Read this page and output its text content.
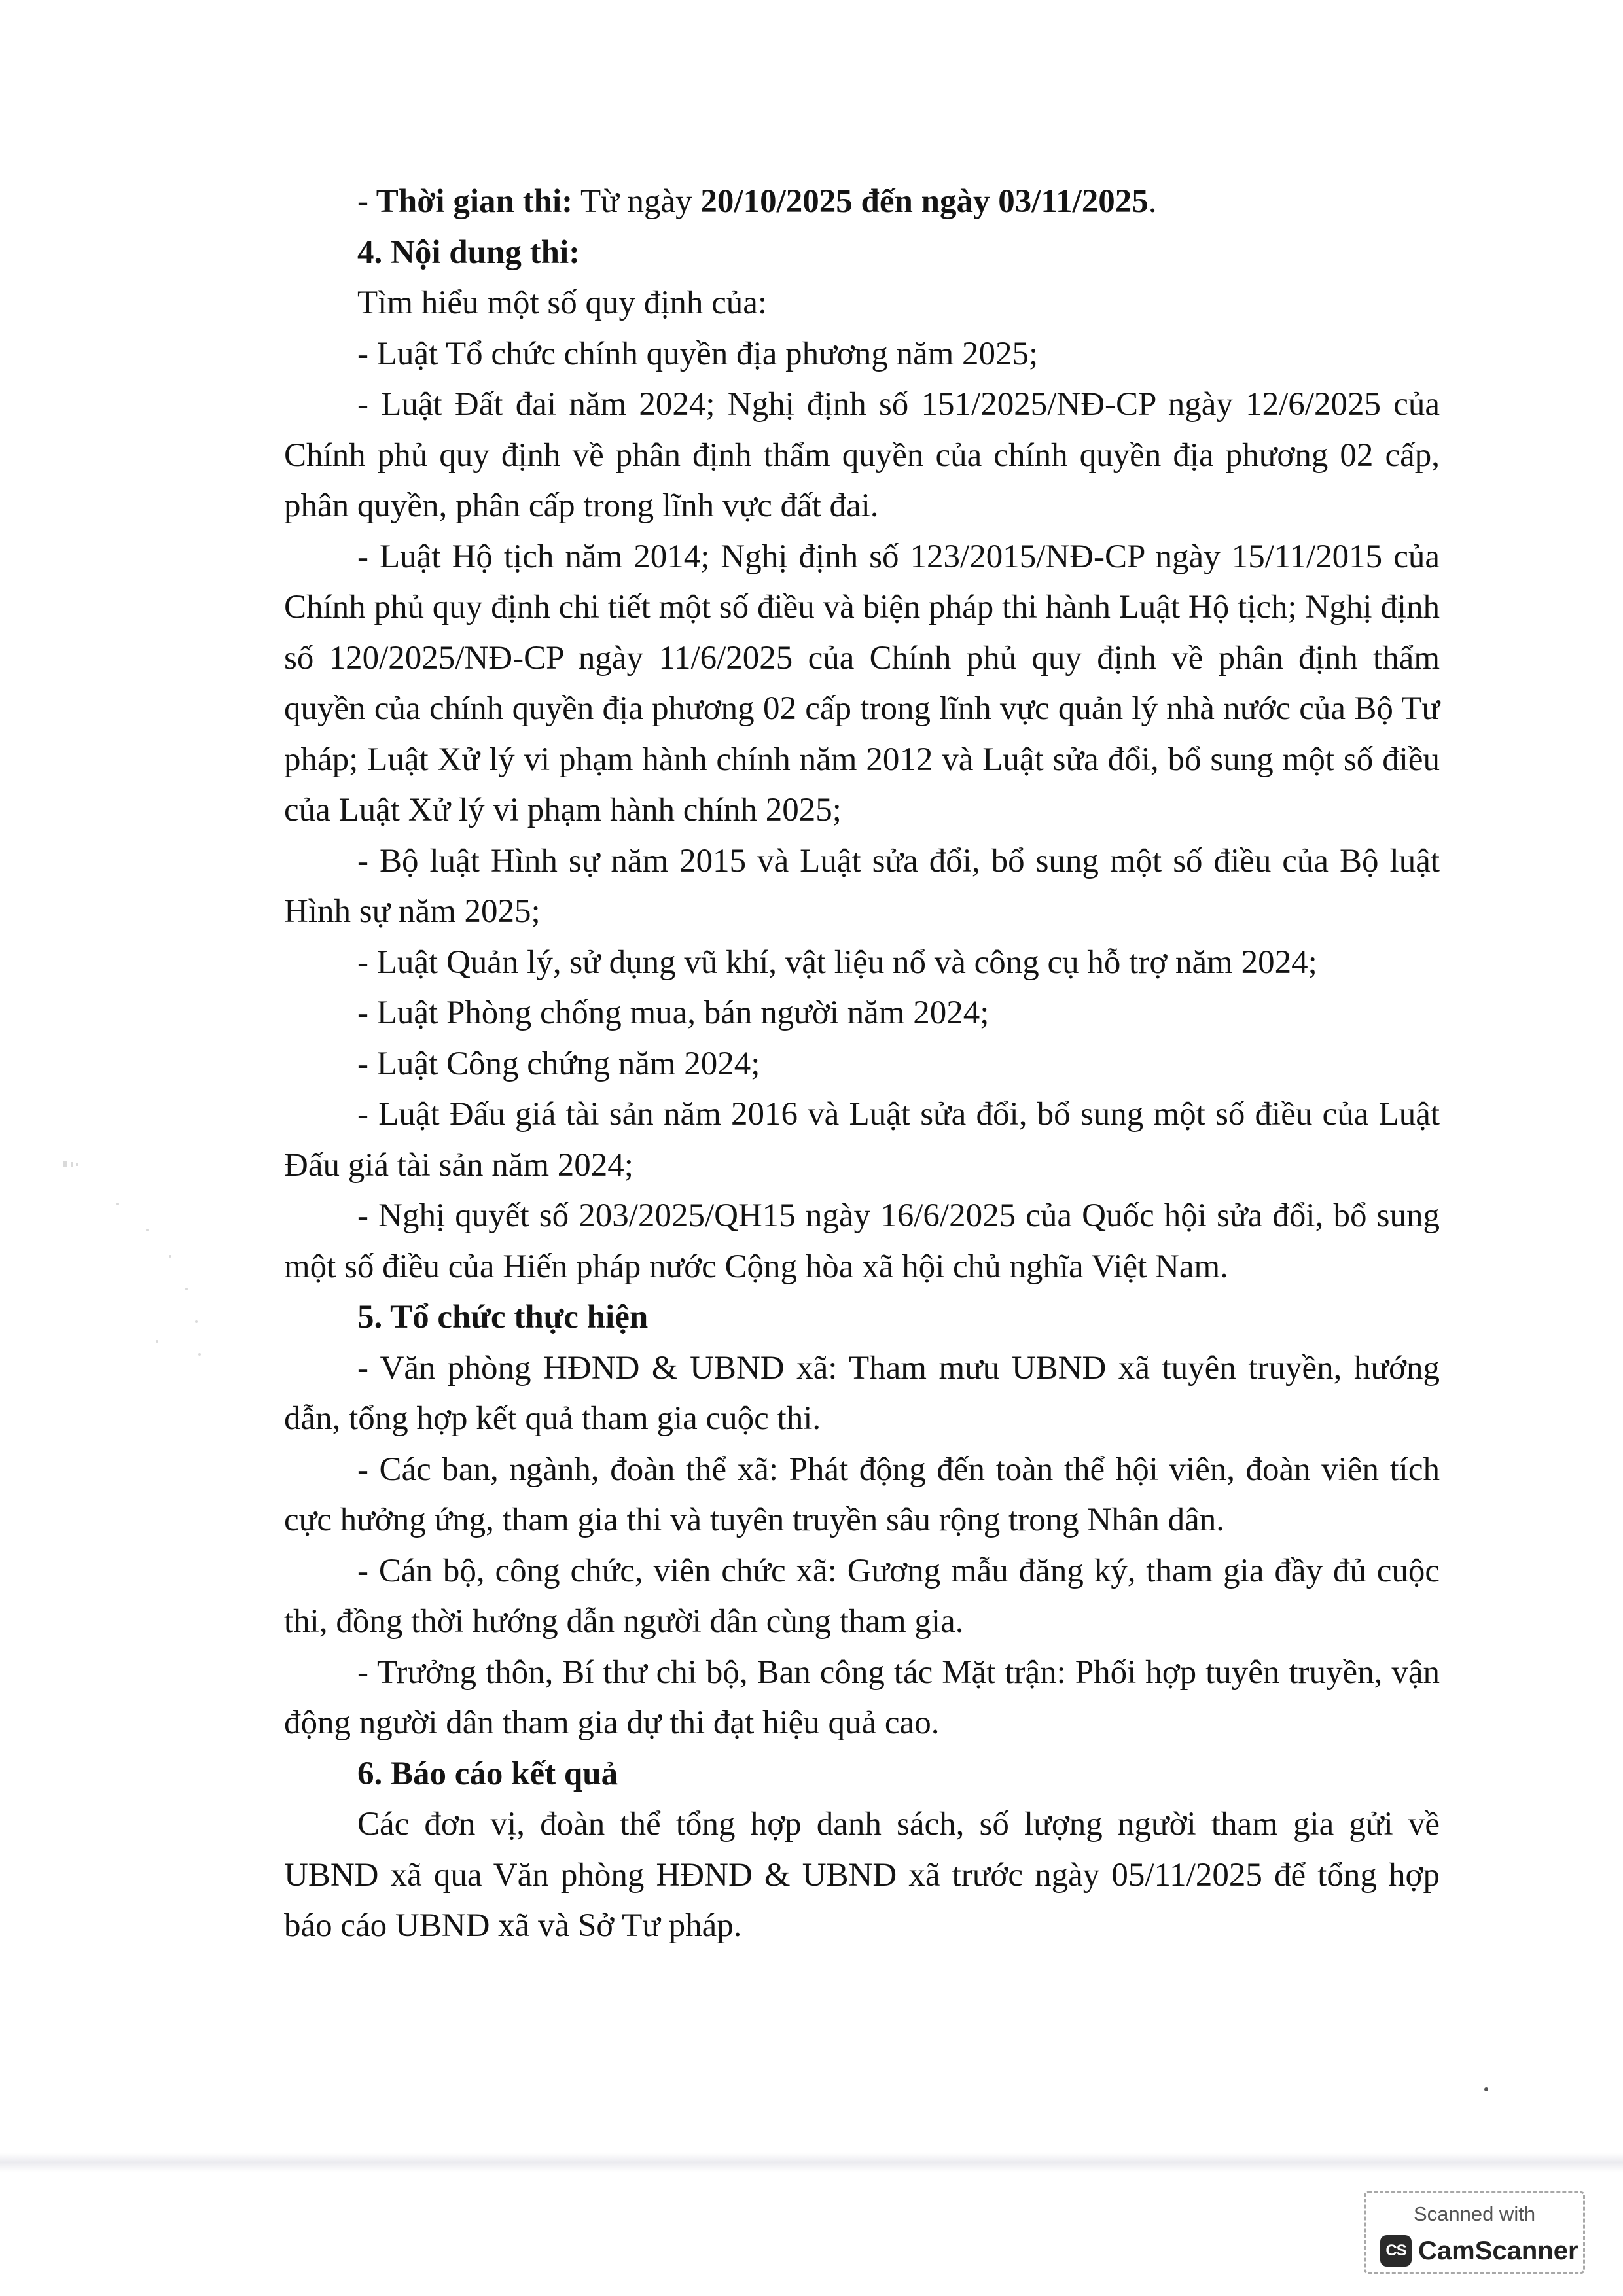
- Thời gian thi: Từ ngày 20/10/2025 đến ngày 03/11/2025.

4. Nội dung thi:

Tìm hiểu một số quy định của:

- Luật Tổ chức chính quyền địa phương năm 2025;

- Luật Đất đai năm 2024; Nghị định số 151/2025/NĐ-CP ngày 12/6/2025 của Chính phủ quy định về phân định thẩm quyền của chính quyền địa phương 02 cấp, phân quyền, phân cấp trong lĩnh vực đất đai.

- Luật Hộ tịch năm 2014; Nghị định số 123/2015/NĐ-CP ngày 15/11/2015 của Chính phủ quy định chi tiết một số điều và biện pháp thi hành Luật Hộ tịch; Nghị định số 120/2025/NĐ-CP ngày 11/6/2025 của Chính phủ quy định về phân định thẩm quyền của chính quyền địa phương 02 cấp trong lĩnh vực quản lý nhà nước của Bộ Tư pháp; Luật Xử lý vi phạm hành chính năm 2012 và Luật sửa đổi, bổ sung một số điều của Luật Xử lý vi phạm hành chính 2025;

- Bộ luật Hình sự năm 2015 và Luật sửa đổi, bổ sung một số điều của Bộ luật Hình sự năm 2025;

- Luật Quản lý, sử dụng vũ khí, vật liệu nổ và công cụ hỗ trợ năm 2024;

- Luật Phòng chống mua, bán người năm 2024;

- Luật Công chứng năm 2024;

- Luật Đấu giá tài sản năm 2016 và Luật sửa đổi, bổ sung một số điều của Luật Đấu giá tài sản năm 2024;

- Nghị quyết số 203/2025/QH15 ngày 16/6/2025 của Quốc hội sửa đổi, bổ sung một số điều của Hiến pháp nước Cộng hòa xã hội chủ nghĩa Việt Nam.

5. Tổ chức thực hiện

- Văn phòng HĐND & UBND xã: Tham mưu UBND xã tuyên truyền, hướng dẫn, tổng hợp kết quả tham gia cuộc thi.

- Các ban, ngành, đoàn thể xã: Phát động đến toàn thể hội viên, đoàn viên tích cực hưởng ứng, tham gia thi và tuyên truyền sâu rộng trong Nhân dân.

- Cán bộ, công chức, viên chức xã: Gương mẫu đăng ký, tham gia đầy đủ cuộc thi, đồng thời hướng dẫn người dân cùng tham gia.

- Trưởng thôn, Bí thư chi bộ, Ban công tác Mặt trận: Phối hợp tuyên truyền, vận động người dân tham gia dự thi đạt hiệu quả cao.

6. Báo cáo kết quả

Các đơn vị, đoàn thể tổng hợp danh sách, số lượng người tham gia gửi về UBND xã qua Văn phòng HĐND & UBND xã trước ngày 05/11/2025 để tổng hợp báo cáo UBND xã và Sở Tư pháp.

Scanned with
CS CamScanner
